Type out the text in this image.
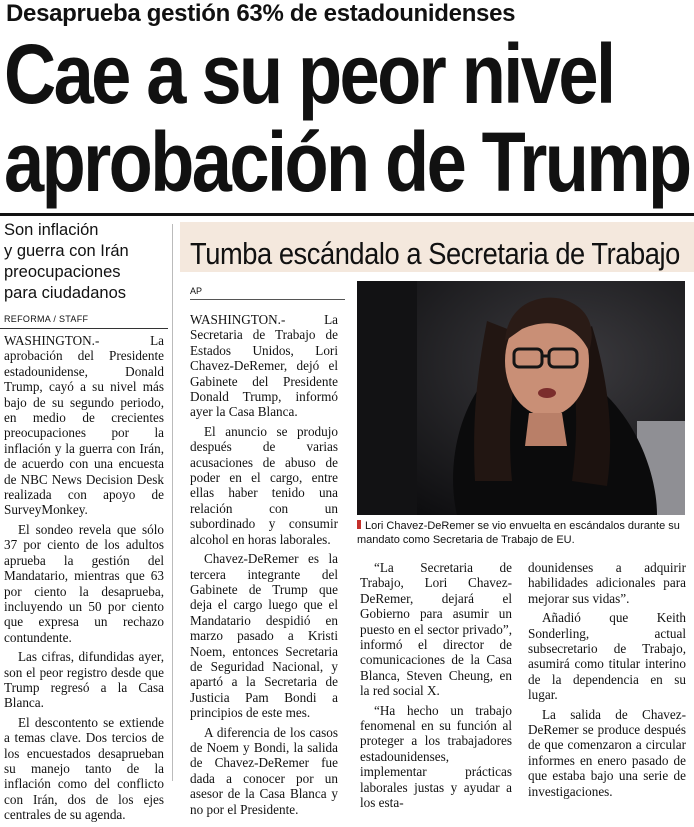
Desaprueba gestión 63% de estadounidenses
Cae a su peor nivel
aprobación de Trump
Son inflación
y guerra con Irán
preocupaciones
para ciudadanos
REFORMA / STAFF

WASHINGTON.- La aprobación del Presidente estadounidense, Donald Trump, cayó a su nivel más bajo de su segundo periodo, en medio de crecientes preocupaciones por la inflación y la guerra con Irán, de acuerdo con una encuesta de NBC News Decision Desk realizada con apoyo de SurveyMonkey.

El sondeo revela que sólo 37 por ciento de los adultos aprueba la gestión del Mandatario, mientras que 63 por ciento la desaprueba, incluyendo un 50 por ciento que expresa un rechazo contundente.

Las cifras, difundidas ayer, son el peor registro desde que Trump regresó a la Casa Blanca.

El descontento se extiende a temas clave. Dos tercios de los encuestados desaprueban su manejo tanto de la inflación como del conflicto con Irán, dos de los ejes centrales de su agenda.

Tumba escándalo a Secretaria de Trabajo
AP

WASHINGTON.- La Secretaria de Trabajo de Estados Unidos, Lori Chavez-DeRemer, dejó el Gabinete del Presidente Donald Trump, informó ayer la Casa Blanca.

El anuncio se produjo después de varias acusaciones de abuso de poder en el cargo, entre ellas haber tenido una relación con un subordinado y consumir alcohol en horas laborales.

Chavez-DeRemer es la tercera integrante del Gabinete de Trump que deja el cargo luego que el Mandatario despidió en marzo pasado a Kristi Noem, entonces Secretaria de Seguridad Nacional, y apartó a la Secretaria de Justicia Pam Bondi a principios de este mes.

A diferencia de los casos de Noem y Bondi, la salida de Chavez-DeRemer fue dada a conocer por un asesor de la Casa Blanca y no por el Presidente.

Lori Chavez-DeRemer se vio envuelta en escándalos durante su mandato como Secretaria de Trabajo de EU.

“La Secretaria de Trabajo, Lori Chavez-DeRemer, dejará el Gobierno para asumir un puesto en el sector privado”, informó el director de comunicaciones de la Casa Blanca, Steven Cheung, en la red social X.

“Ha hecho un trabajo fenomenal en su función al proteger a los trabajadores estadounidenses, implementar prácticas laborales justas y ayudar a los esta-

dounidenses a adquirir habilidades adicionales para mejorar sus vidas”.

Añadió que Keith Sonderling, actual subsecretario de Trabajo, asumirá como titular interino de la dependencia en su lugar.

La salida de Chavez-DeRemer se produce después de que comenzaron a circular informes en enero pasado de que estaba bajo una serie de investigaciones.
